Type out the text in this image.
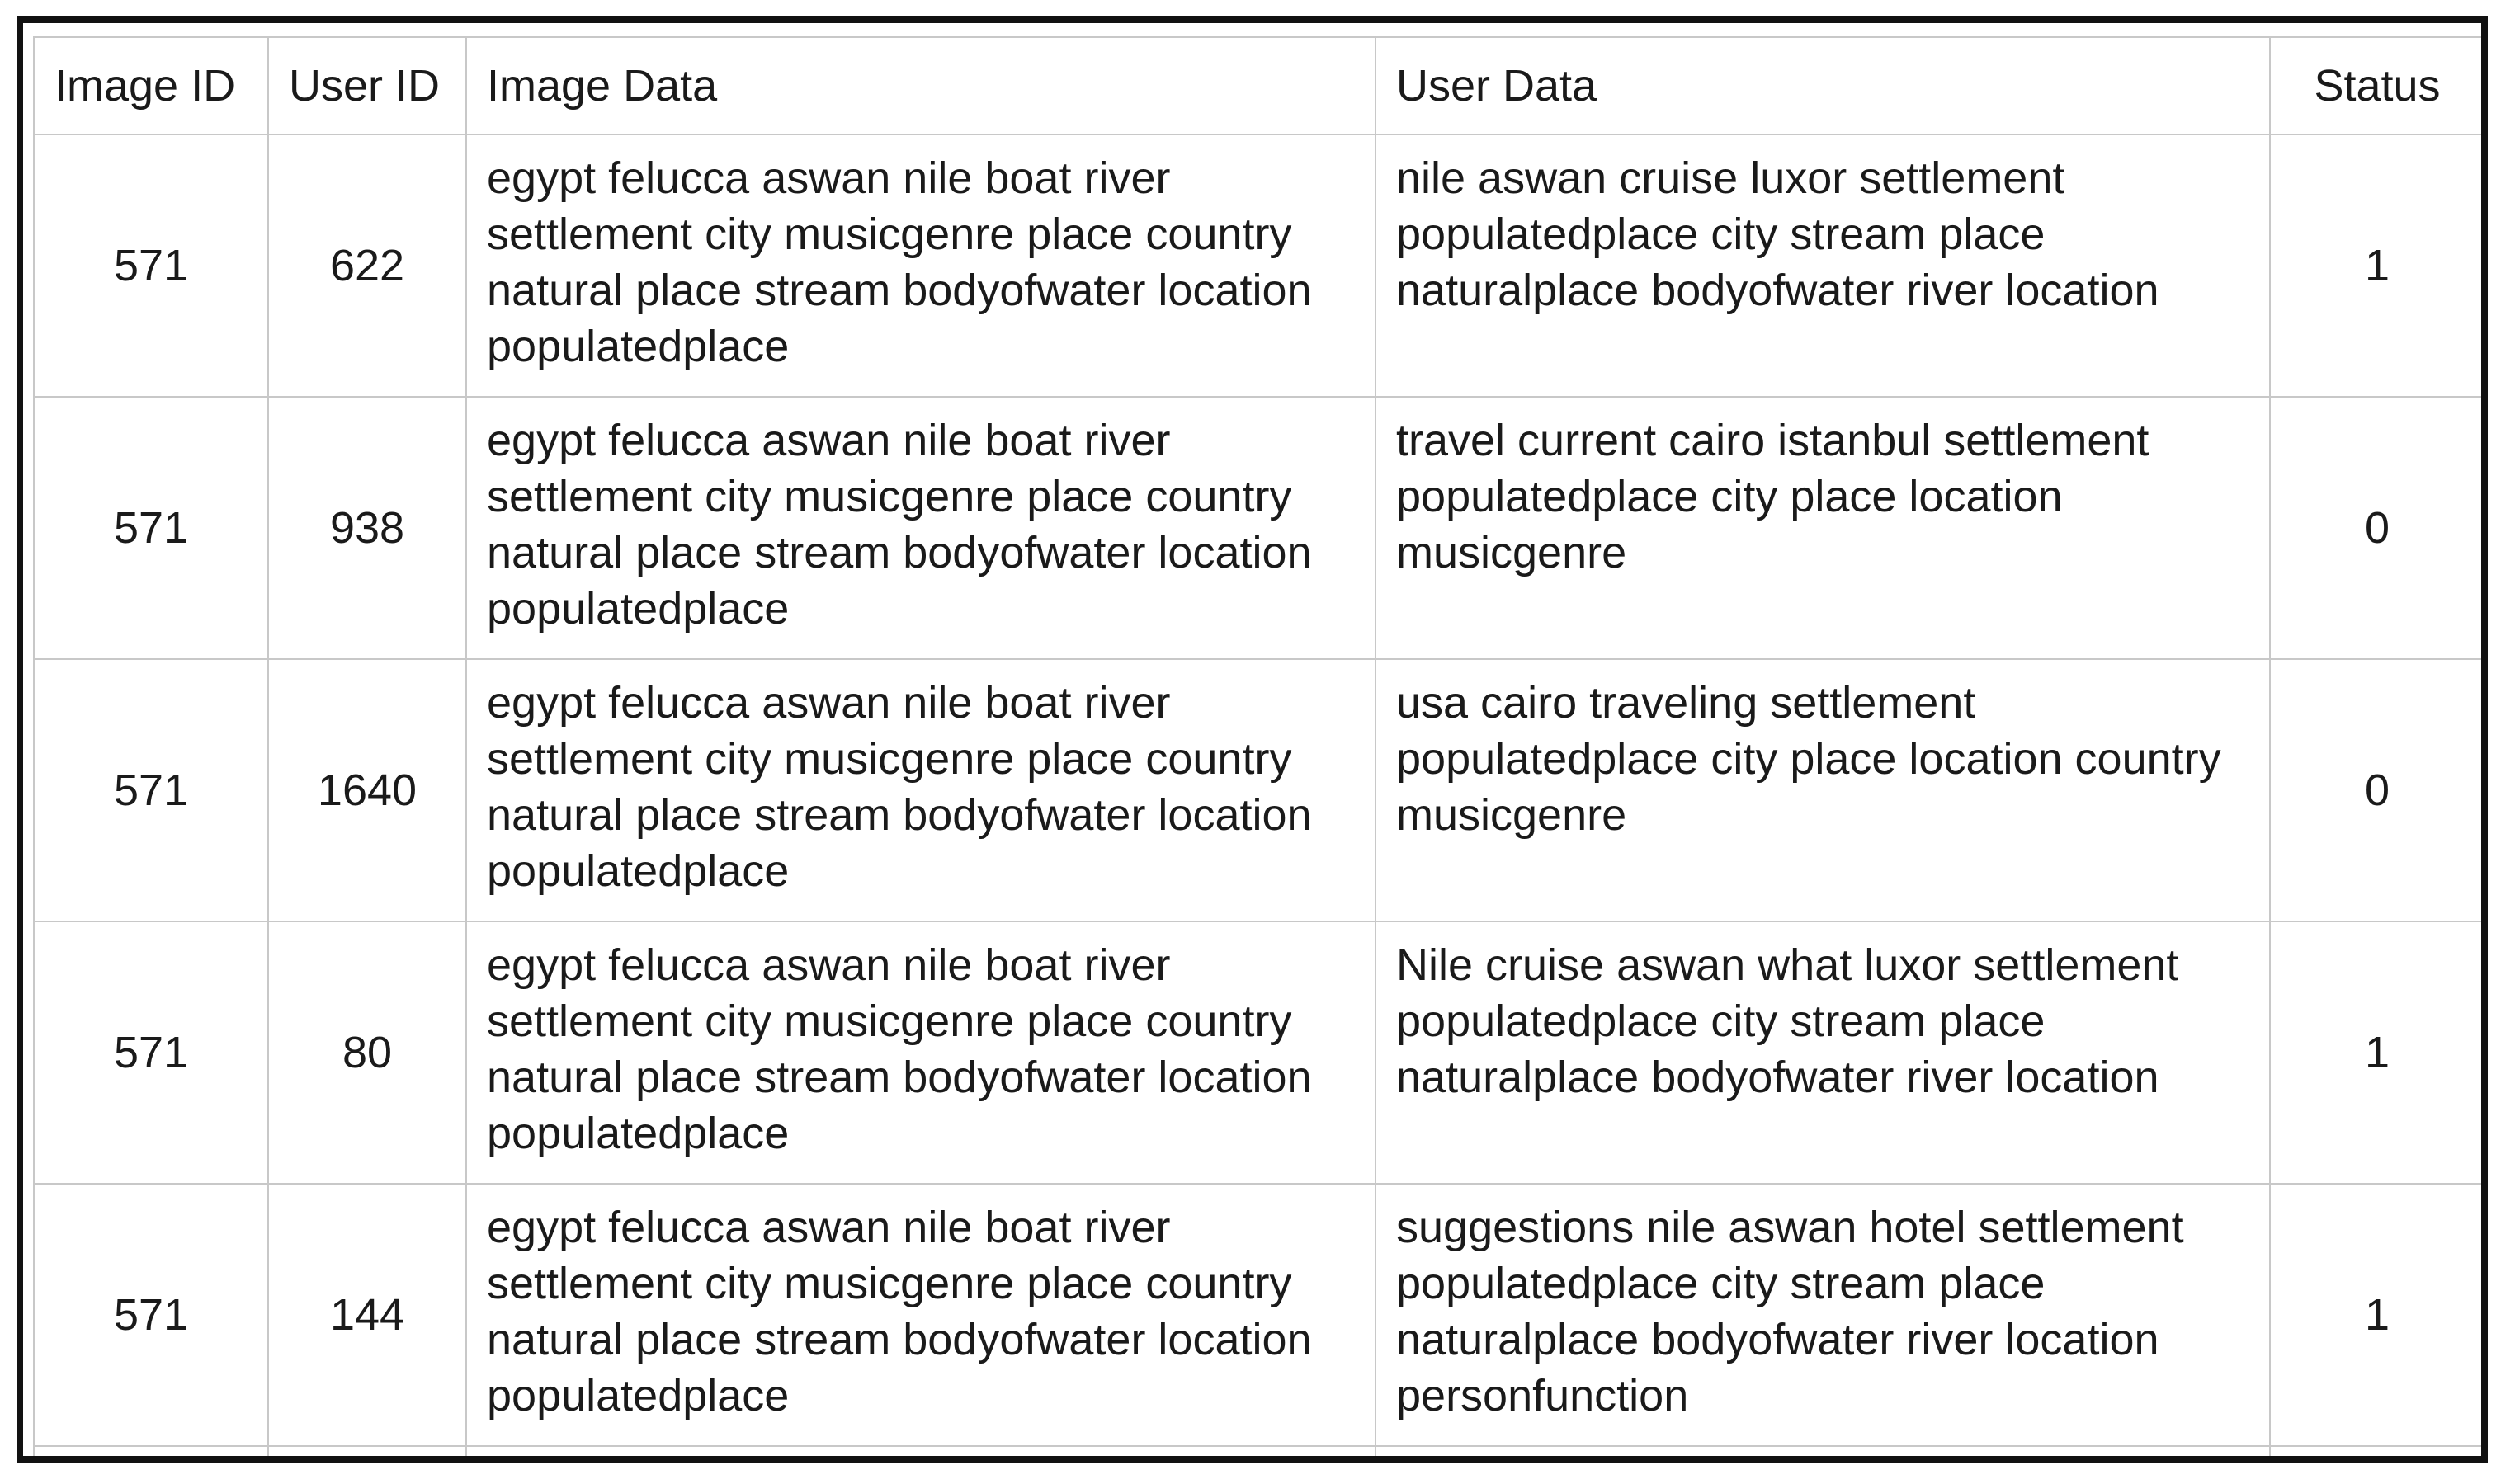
Image ID	User ID	Image Data	User Data	Status	
571	622	egypt felucca aswan nile boat river settlement city musicgenre place country natural place stream bodyofwater location populatedplace	nile aswan cruise luxor settlement populatedplace city stream place naturalplace bodyofwater river location	1	
571	938	egypt felucca aswan nile boat river settlement city musicgenre place country natural place stream bodyofwater location populatedplace	travel current cairo istanbul settlement populatedplace city place location musicgenre	0	
571	1640	egypt felucca aswan nile boat river settlement city musicgenre place country natural place stream bodyofwater location populatedplace	usa cairo traveling settlement populatedplace city place location country musicgenre	0	
571	80	egypt felucca aswan nile boat river settlement city musicgenre place country natural place stream bodyofwater location populatedplace	Nile cruise aswan what luxor settlement populatedplace city stream place naturalplace bodyofwater river location	1	
571	144	egypt felucca aswan nile boat river settlement city musicgenre place country natural place stream bodyofwater location populatedplace	suggestions nile aswan hotel settlement populatedplace city stream place naturalplace bodyofwater river location personfunction	1	
